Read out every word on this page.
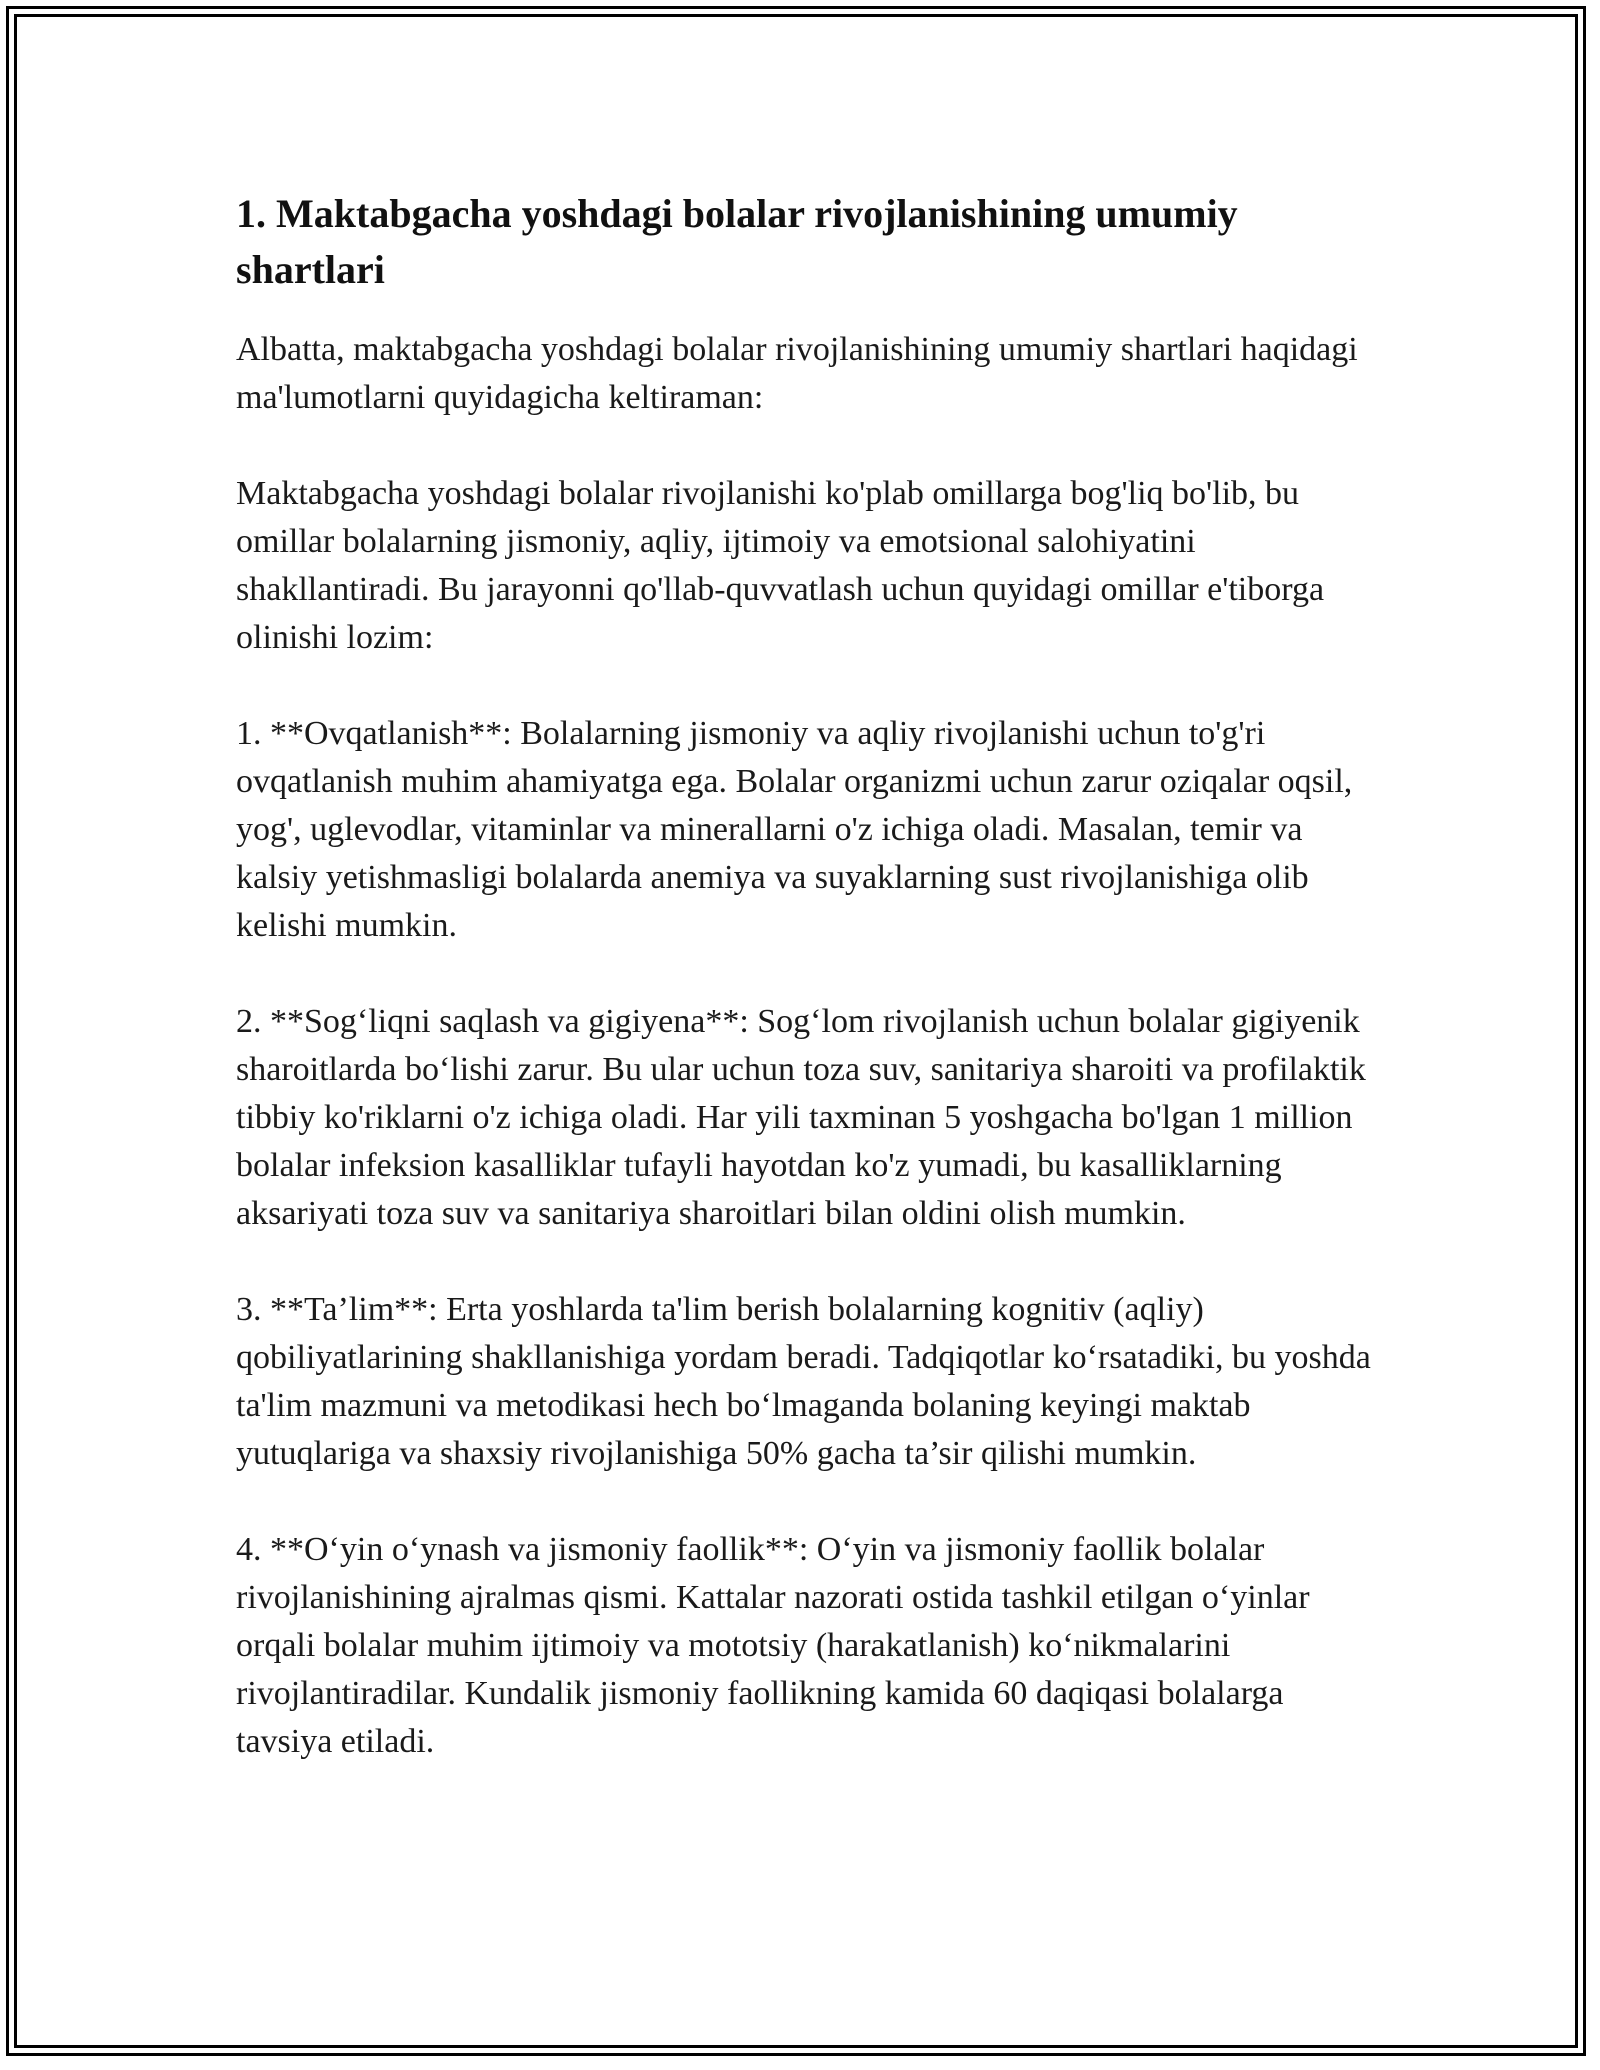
1. Maktabgacha yoshdagi bolalar rivojlanishining umumiy shartlari

Albatta, maktabgacha yoshdagi bolalar rivojlanishining umumiy shartlari haqidagi ma'lumotlarni quyidagicha keltiraman:

Maktabgacha yoshdagi bolalar rivojlanishi ko'plab omillarga bog'liq bo'lib, bu omillar bolalarning jismoniy, aqliy, ijtimoiy va emotsional salohiyatini shakllantiradi. Bu jarayonni qo'llab-quvvatlash uchun quyidagi omillar e'tiborga olinishi lozim:

1. **Ovqatlanish**: Bolalarning jismoniy va aqliy rivojlanishi uchun to'g'ri ovqatlanish muhim ahamiyatga ega. Bolalar organizmi uchun zarur oziqalar oqsil, yog', uglevodlar, vitaminlar va minerallarni o'z ichiga oladi. Masalan, temir va kalsiy yetishmasligi bolalarda anemiya va suyaklarning sust rivojlanishiga olib kelishi mumkin.

2. **Sog‘liqni saqlash va gigiyena**: Sog‘lom rivojlanish uchun bolalar gigiyenik sharoitlarda bo‘lishi zarur. Bu ular uchun toza suv, sanitariya sharoiti va profilaktik tibbiy ko'riklarni o'z ichiga oladi. Har yili taxminan 5 yoshgacha bo'lgan 1 million bolalar infeksion kasalliklar tufayli hayotdan ko'z yumadi, bu kasalliklarning aksariyati toza suv va sanitariya sharoitlari bilan oldini olish mumkin.

3. **Ta’lim**: Erta yoshlarda ta'lim berish bolalarning kognitiv (aqliy) qobiliyatlarining shakllanishiga yordam beradi. Tadqiqotlar ko‘rsatadiki, bu yoshda ta'lim mazmuni va metodikasi hech bo‘lmaganda bolaning keyingi maktab yutuqlariga va shaxsiy rivojlanishiga 50% gacha ta’sir qilishi mumkin.

4. **O‘yin o‘ynash va jismoniy faollik**: O‘yin va jismoniy faollik bolalar rivojlanishining ajralmas qismi. Kattalar nazorati ostida tashkil etilgan o‘yinlar orqali bolalar muhim ijtimoiy va mototsiy (harakatlanish) ko‘nikmalarini rivojlantiradilar. Kundalik jismoniy faollikning kamida 60 daqiqasi bolalarga tavsiya etiladi.
